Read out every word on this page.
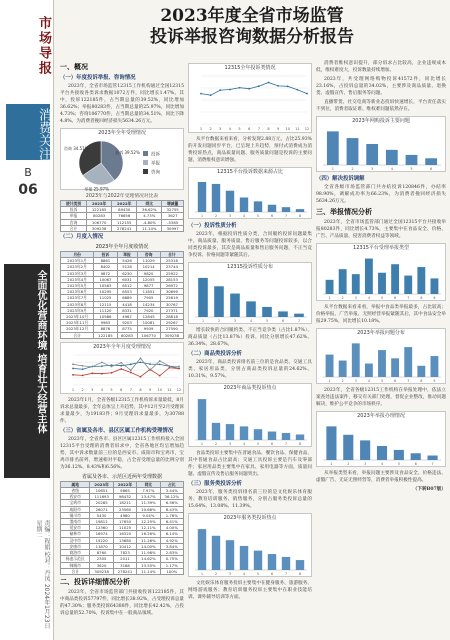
市场导报
消费关注
B
06
全面优化营商环境 培育壮大经营主体
责编：程娟 校对：丹凤 2024年1月23日 星期二
2023年度全省市场监管
投诉举报咨询数据分析报告
一、概况
（一）年度投诉举报、咨询情况

2023年，全省市场监管12315工作机构通过全国12315平台共接收各类诉求数据1072万件，同比增长1.47%。其中，投诉122185件，占当期总量的39.52%，同比增加36.62%；举报80283件，占当期总量的25.97%，同比增加4.73%；咨询106770件，占当期总量的34.51%，同比下降4.8%。为消费者挽回经济损失5634.26万元。

2023年全年受理情况
投诉 39.52%
举报 25.97%
咨询 34.51%
投诉
举报
咨询
2023年与2022年受理情况对比表
统计类别	2023年	2022年	同比	增减量
投诉	122185	89430	36.62%	32755
举报	80283	76656	4.73%	3627
咨询	106770	112155	-4.80%	-5385
合计	309238	278241	11.14%	30997
（二）月度入情况
2023年全年月度收情况
月份	投诉	举报	咨询	合计
2023年1月	8861	5426	11029	25316
2023年2月	8402	5128	10214	23744
2023年3月	9872	6230	9820	25922
2023年4月	10067	6031	12055	28153
2023年5月	10583	6512	9877	26972
2023年6月	10295	8553	11851	30699
2023年7月	11025	6689	7905	25619
2023年8月	12115	4418	14234	30767
2023年9月	11120	8331	7920	27371
2023年10月	10986	4987	12845	28818
2023年11月	9983	9203	10081	29267
2023年12月	8876	8775	9939	27590
合计	122185	80283	106770	309238
2023年全年月度受理情况
1 2 3 4 5 6 7 8 9 10 11 12

2023年1月，全省各级12315工作机构诉求量最低，8月诉求总量最多，全年总体呈上升趋势，其中12月至2月受理诉求量最少，为19183件；9月受理诉求量最多，为30788件。

（三）省属及各市、县区区属工作机构受理情况

2023年，全省各市、县区区属12315工作机构接入全国12315平台受理的消费者诉求中，全省各地区均呈增加趋势，其中诉求数量前三位的是西安市、咸阳市和宝鸡市，宝鸡市排名前列，增速相对平稳，占全省受理总量的比例分别为36.12%、8.43%和6.56%。

省属及各市、示范区近两年受理数据
属地	2023年	2022年	同比	占比
省级	10651	9865	7.97%	3.44%
西安市	111693	98432	13.47%	36.12%
宝鸡市	20285	18211	11.39%	6.56%
咸阳市	26071	23560	10.66%	8.43%
铜川市	5430	4980	9.04%	1.76%
渭南市	19812	17650	12.25%	6.41%
延安市	12360	11025	12.11%	4.00%
榆林市	18974	16320	16.26%	6.14%
汉中市	15220	13680	11.26%	4.92%
安康市	11870	10412	14.00%	3.84%
商洛市	8760	7823	11.98%	2.83%
杨凌示范区	2305	2011	14.62%	0.75%
韩城市	3620	3188	13.55%	1.17%
合计	309238	278241	11.14%	100%
二、投诉详细情况分析

2023年，全省市场监管部门共接收投诉122185件，其中商品类投诉57797件，同比增长38.92%，占受理投诉总量的47.30%；服务类投诉64388件，同比增长42.42%，占投诉总量的52.70%，投诉集中在一般商品领域。

12315全年投诉类情况
1 2 3 4 5 6 7 8 9 10 11 12

从平台数据来看来看，分析发现2.88万元，占比25.93%的开发问题同步平台，已呈现上升趋势，预付式消费成为消费投诉热点，商品质量问题、服务质量问题是投诉的主要问题，消费维权意识增强。

12315平台投诉数据来源占比
1	2	3	4	5	6	7	8
（一）投诉性质分析

2023年，根据投诉性质分类，合同履约投诉问题最集中，商品质量、服务质量、售后服务等问题投诉较多，以合同类投诉最多，其次是商品质量和售后服务问题，不正当竞争投诉、价格问题等紧随其后。

12315投诉性质分布
1	2	3	4	5	6	7

增长较快的合同履约类、不正当竞争类（占比1.87%）、商品质量（占比13.87%）投诉，同比分别增长47.62%、36.34%、28.67%。

（二）商品类投诉分析

2023年，商品类投诉排名前三位的是食品类、交通工具类、家居用品类，分别占商品类投诉总量的24.62%、10.31%、9.57%。

2023年商品类投诉热点
1	2	3	4	5	6	7	8

食品类投诉主要集中在普通食品、餐饮食品、保健食品，其中普通食品占比最高；交通工具投诉主要是汽车及零部件；家居用品类主要集中在家具、家用电器等方面，质量问题、虚假宣传及售后服务问题突出。

（三）服务类投诉分析

2023年，服务类投诉排名前三位的是文化娱乐体育服务、教育培训服务、销售服务，分别占服务类投诉总量的15.64%、13.08%、11.39%。

2023年服务类投诉热点
1	2	3	4	5	6	7	8

文化娱乐体育服务投诉主要集中在健身服务、旅游服务、网络游戏服务；教育培训服务投诉主要集中在职业技能培训、课外辅导培训等方面。

消费者维权意识提升，部分诉求占比较高，企业违规成本低，维权难度大，投诉数量持续增加。

2023年，共受理网络购物投诉41572件，同比增长23.16%，占投诉总量的34.02%，主要涉及商品质量、退换货、虚假宣传、售后服务等问题。

直播带货、社交电商等新业态投诉快速增长，平台责任落实不到位，消费者取证难、维权难问题依然存在。

2023年网购投诉主要问题
1	2	3	4	5	6
（四）解决投诉调解

全省各级市场监管部门共办结投诉120846件，办结率98.90%，调解成功率为66.23%，为消费者挽回经济损失5634.26万元。

三、举报情况分析

2023年，全省市场监管部门通过全国12315平台共接收举报80283件，同比增长4.73%，主要集中在食品安全、价格、广告、产品质量、侵害消费者权益等领域。

12315平台受理举报类型
1	2	3	4	5	6	7	8	9

从平台数据来看来看，举报中食品类举报最多，占比较高；价格举报、广告举报、无照经营举报紧随其后，其中食品安全举报29.75%，同比增长10.18%。

2023年举报问题分布
1	2	3	4	5	6	7	8	9

2023年，全省各级12315工作机构在举报处理中，依法立案查处违法案件，移交有关部门处理，督促企业整改，推动问题解决，维护公平竞争的市场秩序。

2023年举报办理情况
1	2	3	4	5	6	7

从举报类型来看，举报问题主要涉及食品安全、价格违法、虚假广告、无证无照经营等，消费者举报积极性提高。

（下转B07版）
